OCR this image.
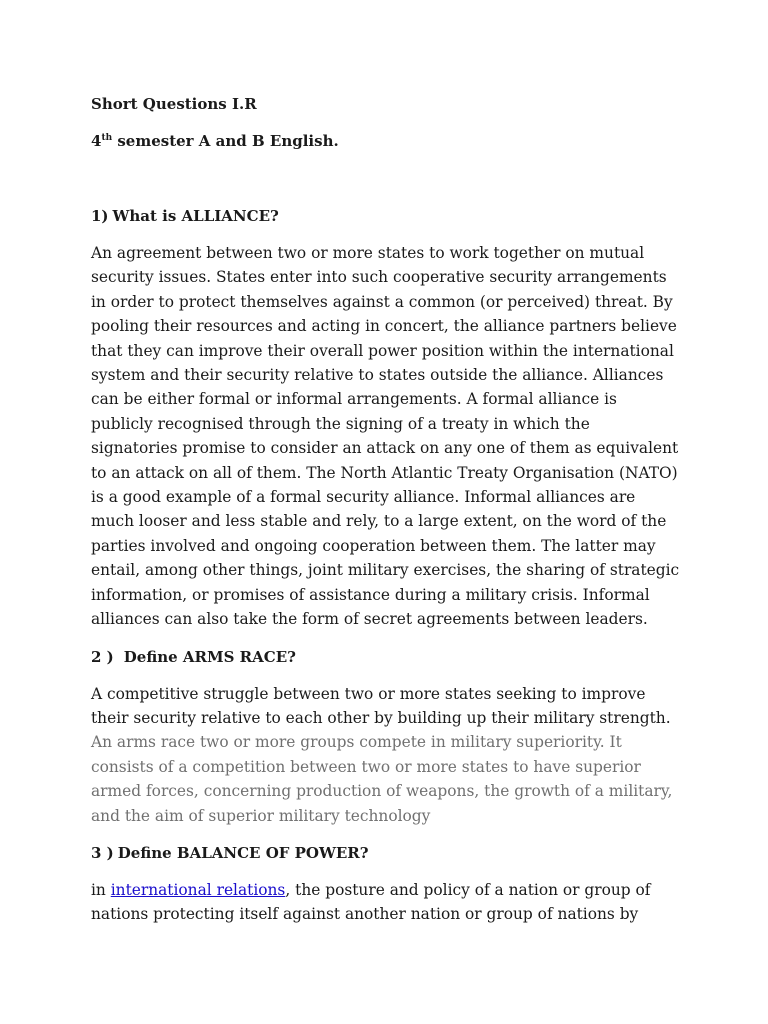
Short Questions I.R
4th semester A and B English.
1) What is ALLIANCE?

An agreement between two or more states to work together on mutual security issues. States enter into such cooperative security arrangements in order to protect themselves against a common (or perceived) threat. By pooling their resources and acting in concert, the alliance partners believe that they can improve their overall power position within the international system and their security relative to states outside the alliance. Alliances can be either formal or informal arrangements. A formal alliance is publicly recognised through the signing of a treaty in which the signatories promise to consider an attack on any one of them as equivalent to an attack on all of them. The North Atlantic Treaty Organisation (NATO) is a good example of a formal security alliance. Informal alliances are much looser and less stable and rely, to a large extent, on the word of the parties involved and ongoing cooperation between them. The latter may entail, among other things, joint military exercises, the sharing of strategic information, or promises of assistance during a military crisis. Informal alliances can also take the form of secret agreements between leaders.

2 ) Define ARMS RACE?

A competitive struggle between two or more states seeking to improve their security relative to each other by building up their military strength. An arms race two or more groups compete in military superiority. It consists of a competition between two or more states to have superior armed forces, concerning production of weapons, the growth of a military, and the aim of superior military technology

3 ) Define BALANCE OF POWER?

in international relations, the posture and policy of a nation or group of nations protecting itself against another nation or group of nations by
